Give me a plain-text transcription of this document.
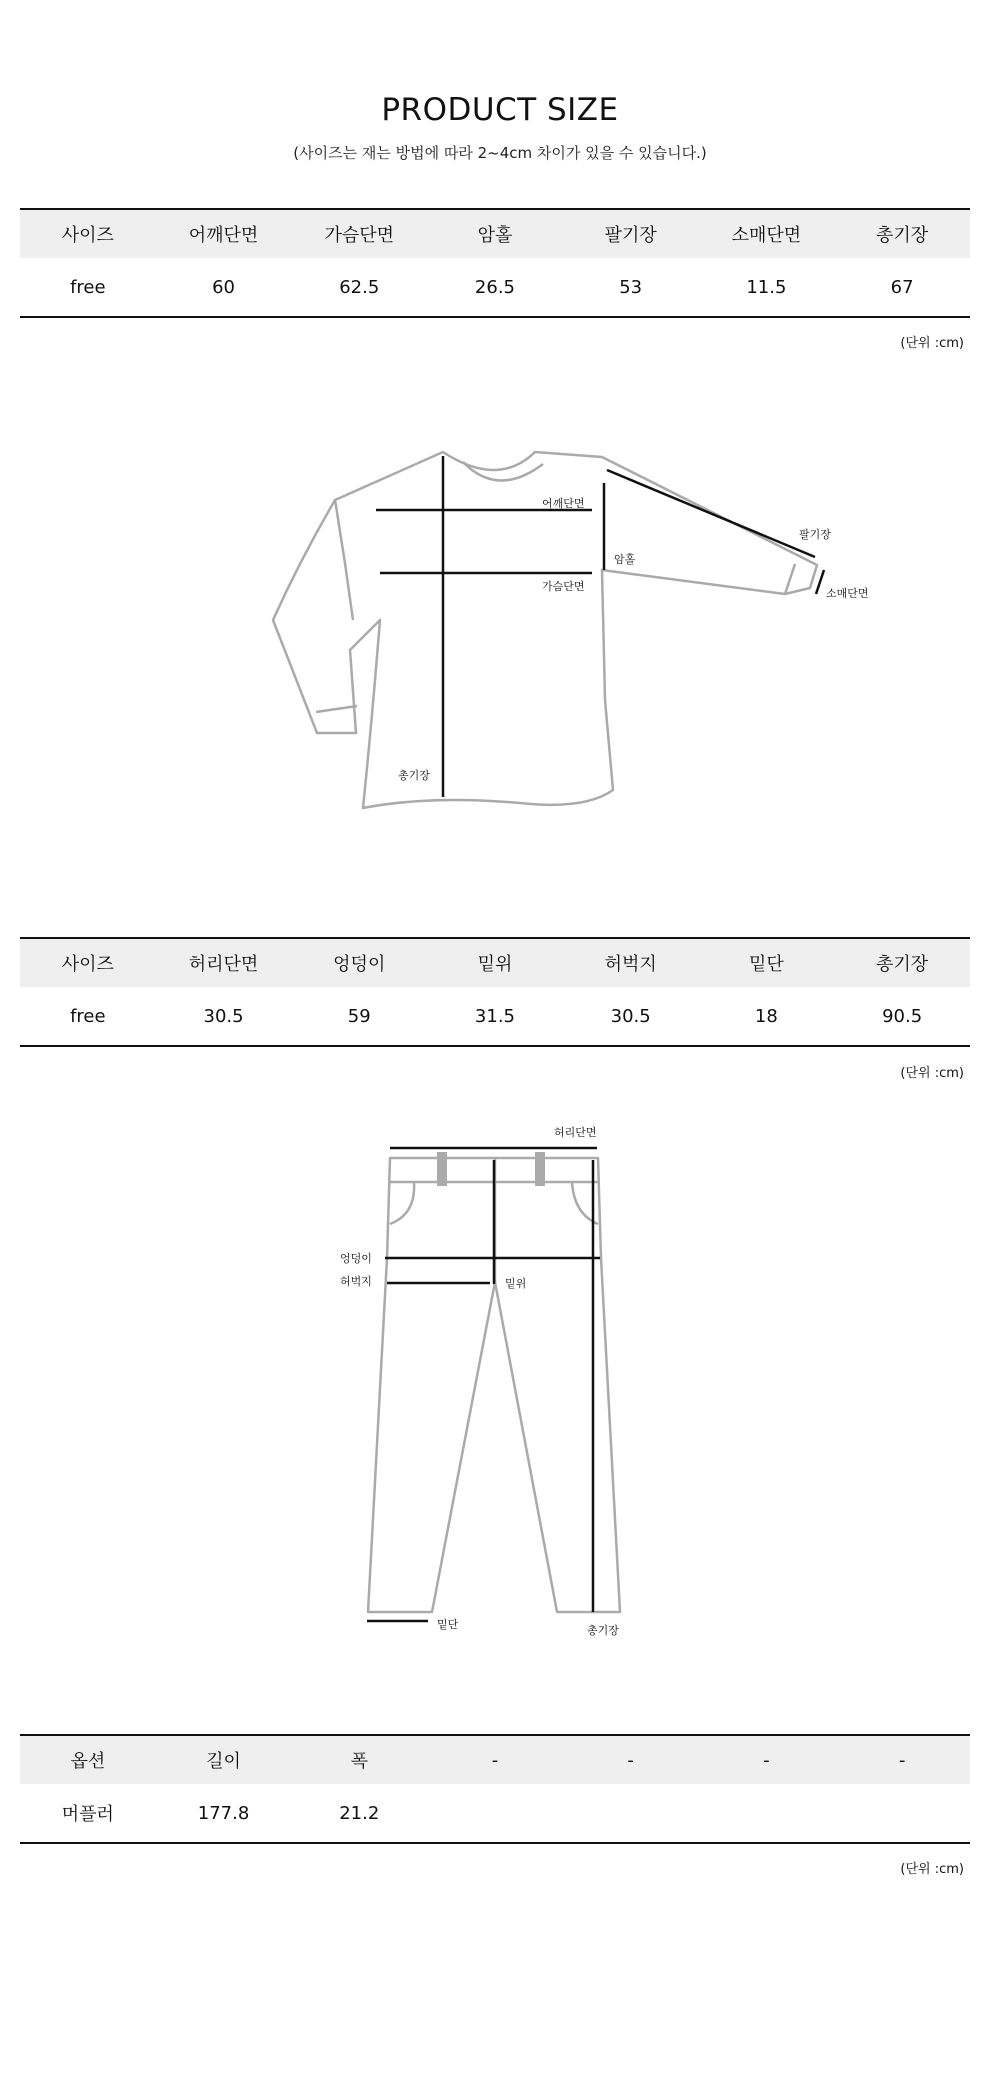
PRODUCT SIZE
(사이즈는 재는 방법에 따라 2~4cm 차이가 있을 수 있습니다.)
사이즈	어깨단면	가슴단면	암홀	팔기장	소매단면	총기장
free	60	62.5	26.5	53	11.5	67
(단위 :cm)
어깨단면
암홀
가슴단면
팔기장
소매단면
총기장
사이즈	허리단면	엉덩이	밑위	허벅지	밑단	총기장
free	30.5	59	31.5	30.5	18	90.5
(단위 :cm)
허리단면
엉덩이
허벅지	밑위
밑단	총기장
옵션	길이	폭	-	-	-	-
머플러	177.8	21.2				
(단위 :cm)
